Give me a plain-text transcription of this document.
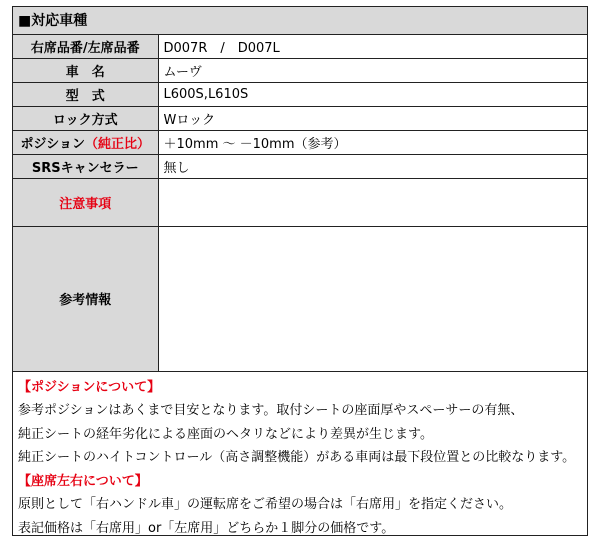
■対応車種
右席品番/左席品番	D007R　/　D007L
車　名	ムーヴ
型　式	L600S,L610S
ロック方式	Wロック
ポジション（純正比）	＋10mm ～ －10mm（参考）
SRSキャンセラー	無し
注意事項	
参考情報	
【ポジションについて】
参考ポジションはあくまで目安となります。取付シートの座面厚やスペーサーの有無、
純正シートの経年劣化による座面のヘタリなどにより差異が生じます。
純正シートのハイトコントロール（高さ調整機能）がある車両は最下段位置との比較なります。
【座席左右について】
原則として「右ハンドル車」の運転席をご希望の場合は「右席用」を指定ください。
表記価格は「右席用」or「左席用」どちらか１脚分の価格です。
